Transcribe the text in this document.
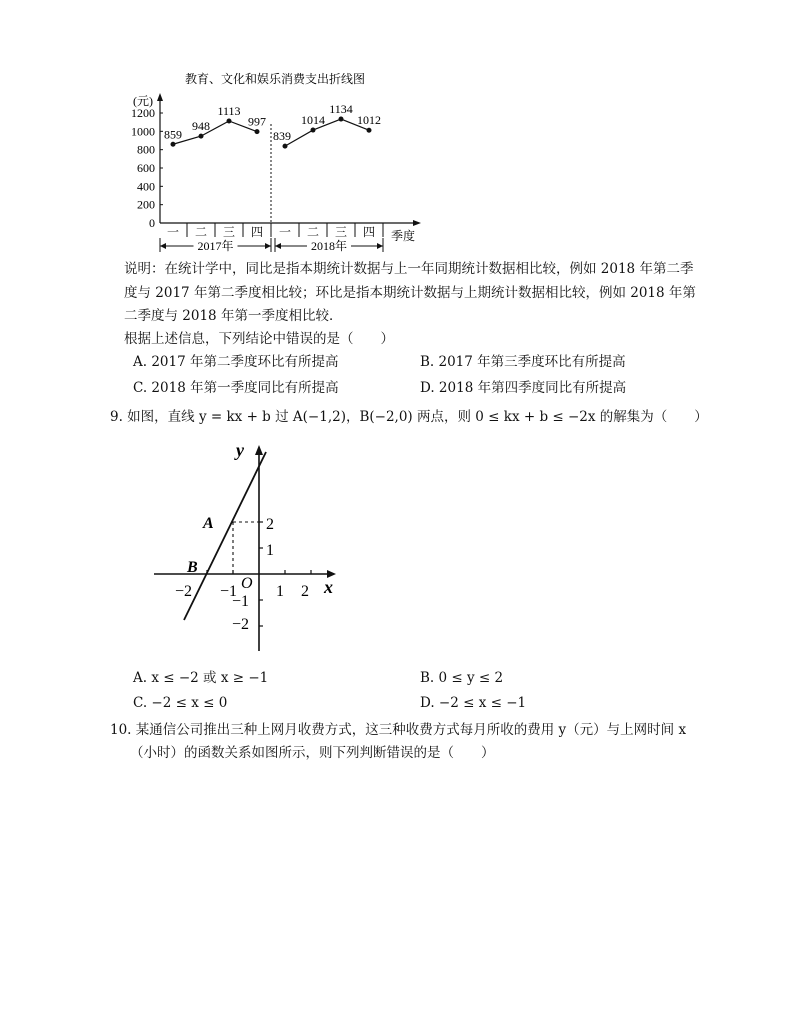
教育、文化和娱乐消费支出折线图
(元)
季度
0
200
400
600
800
1000
1200
一 二 三 四 一 二 三 四
2017年	2018年
859
948
1113
997
839
1014
1134
1012
说明：在统计学中，同比是指本期统计数据与上一年同期统计数据相比较，例如 2018 年第二季
度与 2017 年第二季度相比较；环比是指本期统计数据与上期统计数据相比较，例如 2018 年第
二季度与 2018 年第一季度相比较．
根据上述信息，下列结论中错误的是（　　）
A. 2017 年第二季度环比有所提高	B. 2017 年第三季度环比有所提高
C. 2018 年第一季度同比有所提高	D. 2018 年第四季度同比有所提高
9. 如图，直线 y = kx + b 过 A(−1,2)，B(−2,0) 两点，则 0 ≤ kx + b ≤ −2x 的解集为（　　）
y
x
O
A
B
−2 −1 1 2
2
1
−1
−2
A. x ≤ −2 或 x ≥ −1	B. 0 ≤ y ≤ 2
C. −2 ≤ x ≤ 0	D. −2 ≤ x ≤ −1
10. 某通信公司推出三种上网月收费方式，这三种收费方式每月所收的费用 y（元）与上网时间 x
（小时）的函数关系如图所示，则下列判断错误的是（　　）
